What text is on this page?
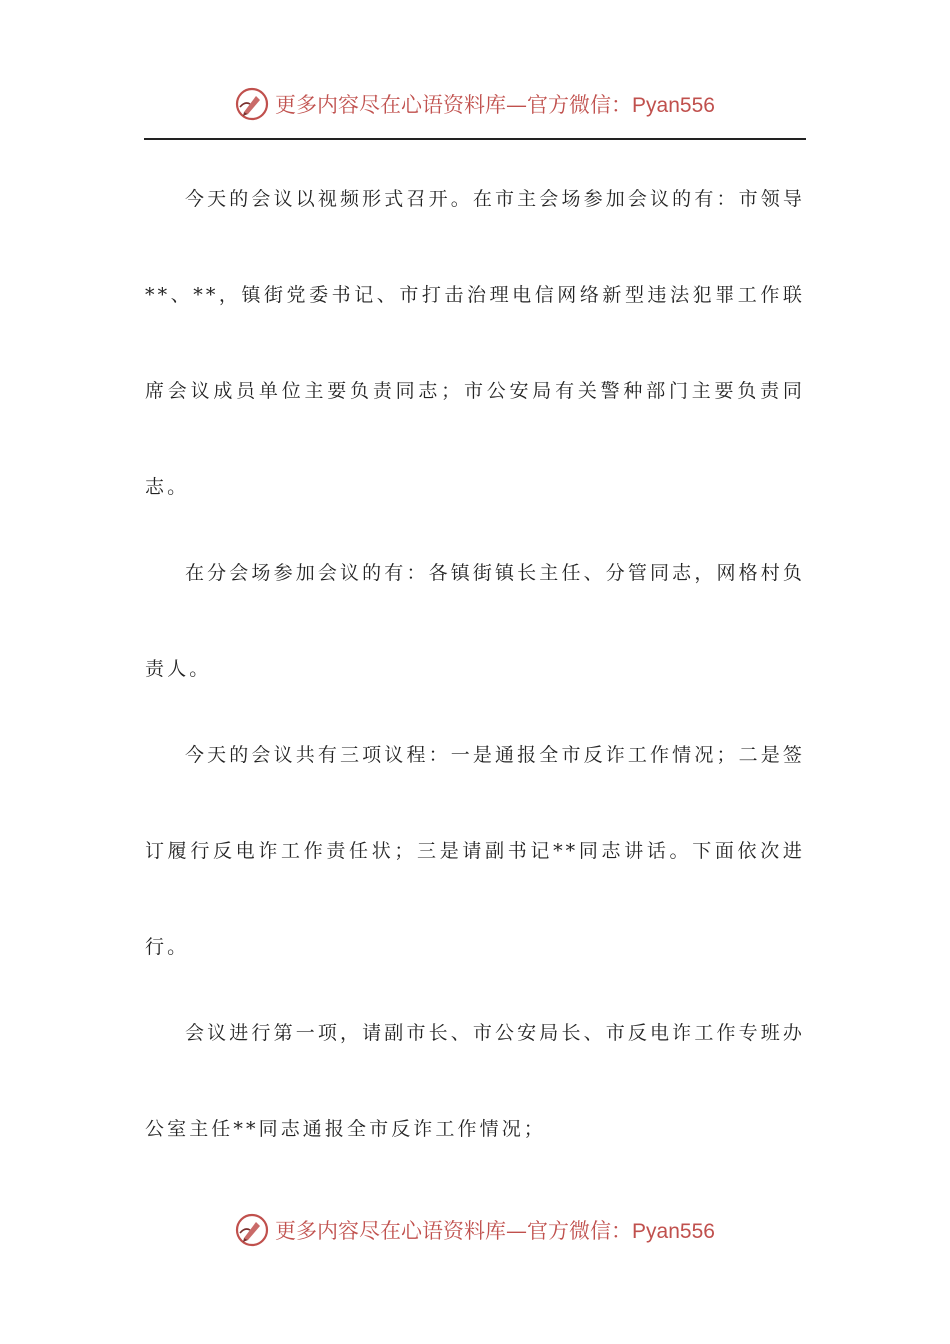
更多内容尽在心语资料库—官方微信：Pyan556

今天的会议以视频形式召开。在市主会场参加会议的有：市领导**、**，镇街党委书记、市打击治理电信网络新型违法犯罪工作联席会议成员单位主要负责同志；市公安局有关警种部门主要负责同志。

在分会场参加会议的有：各镇街镇长主任、分管同志，网格村负责人。

今天的会议共有三项议程：一是通报全市反诈工作情况；二是签订履行反电诈工作责任状；三是请副书记**同志讲话。下面依次进行。

会议进行第一项，请副市长、市公安局长、市反电诈工作专班办公室主任**同志通报全市反诈工作情况；

更多内容尽在心语资料库—官方微信：Pyan556
